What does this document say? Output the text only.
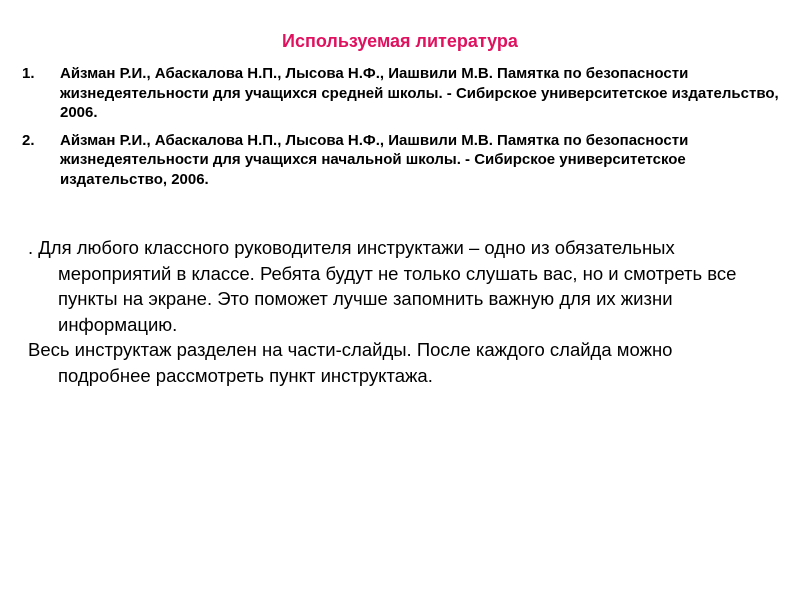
Используемая литература
1. Айзман Р.И., Абаскалова Н.П., Лысова Н.Ф., Иашвили М.В. Памятка по безопасности жизнедеятельности для учащихся средней школы. - Сибирское университетское издательство, 2006.
2. Айзман Р.И., Абаскалова Н.П., Лысова Н.Ф., Иашвили М.В. Памятка по безопасности жизнедеятельности для учащихся начальной школы. - Сибирское университетское издательство, 2006.

. Для любого классного руководителя инструктажи – одно из обязательных мероприятий в классе. Ребята будут не только слушать вас, но и смотреть все пункты на экране. Это поможет лучше запомнить важную для их жизни информацию.

Весь инструктаж разделен на части-слайды. После каждого слайда можно подробнее рассмотреть пункт инструктажа.
